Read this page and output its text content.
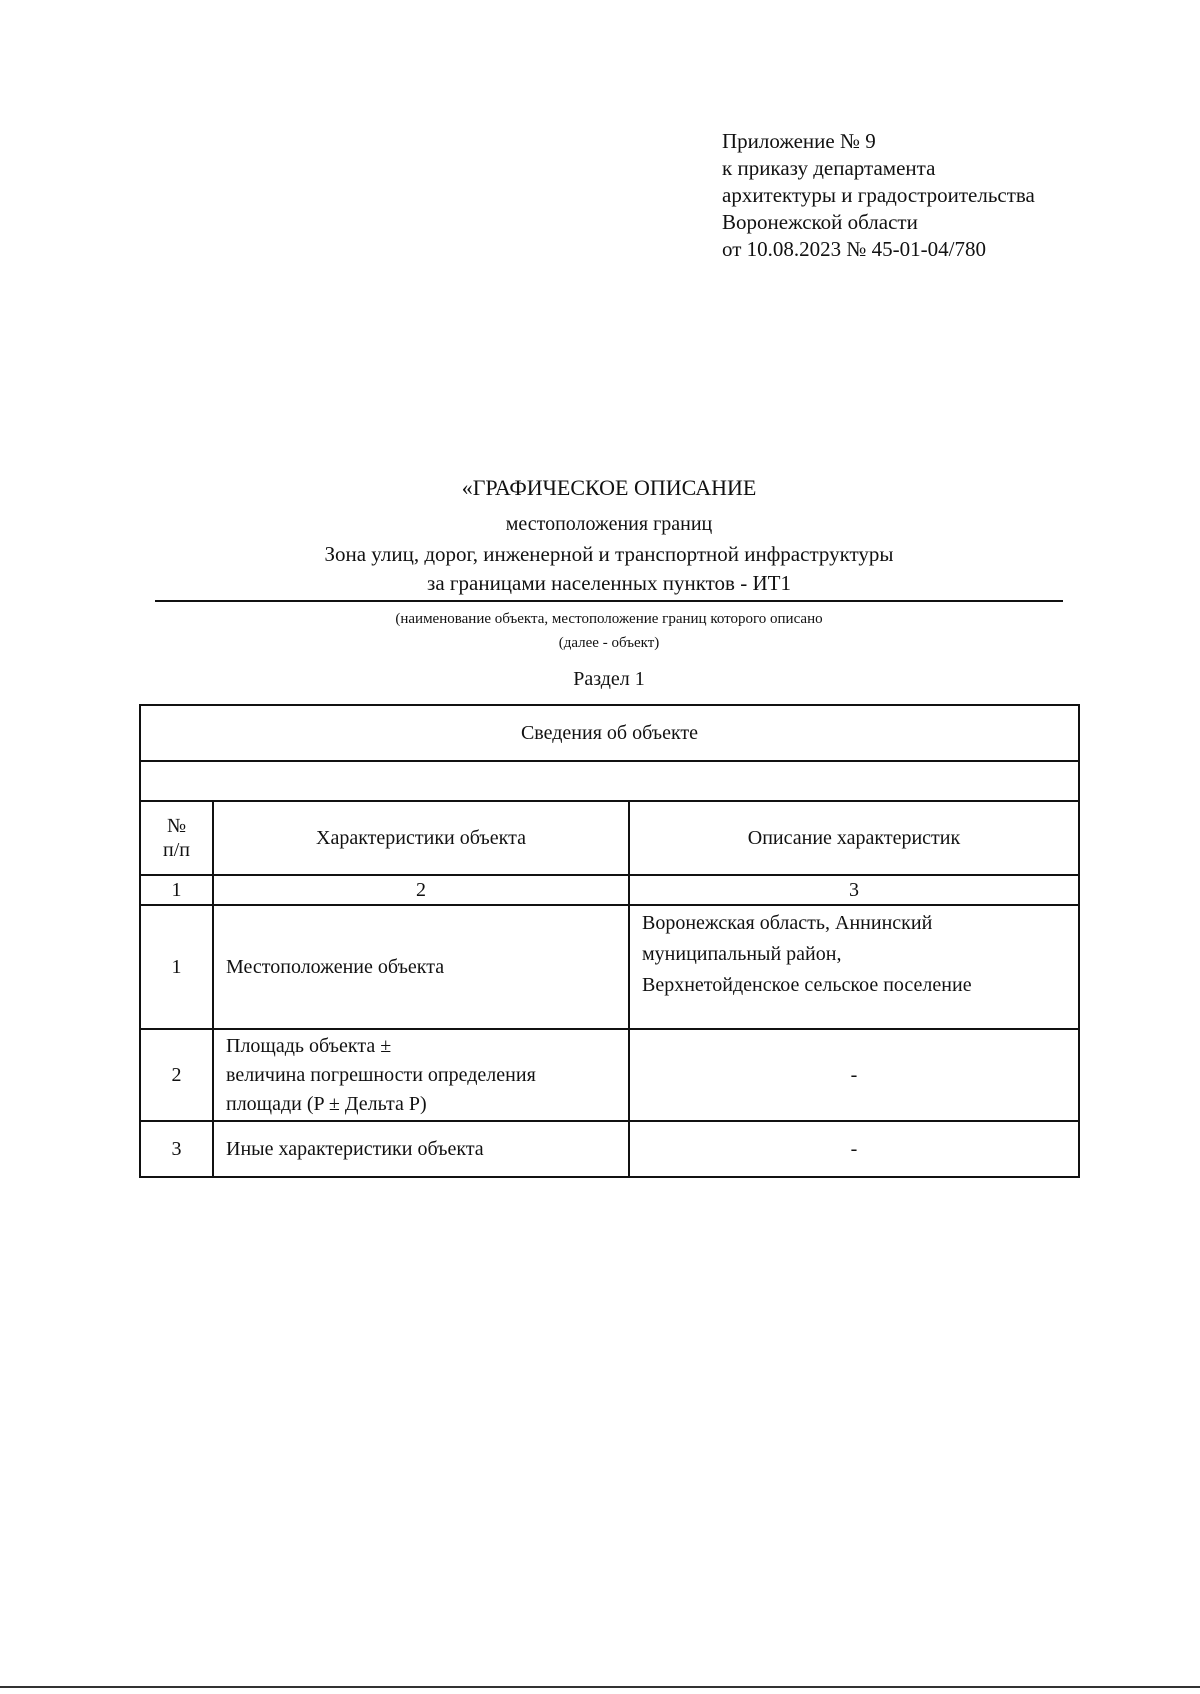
Приложение № 9
к приказу департамента
архитектуры и градостроительства
Воронежской области
от 10.08.2023 № 45-01-04/780
«ГРАФИЧЕСКОЕ ОПИСАНИЕ
местоположения границ
Зона улиц, дорог, инженерной и транспортной инфраструктуры
за границами населенных пунктов - ИТ1
(наименование объекта, местоположение границ которого описано
(далее - объект)
Раздел 1
Сведения об объекте		

№
п/п	Характеристики объекта	Описание характеристик
1	2	3
1	Местоположение объекта	Воронежская область, Аннинский
муниципальный район,
Верхнетойденское сельское поселение

2	Площадь объекта ±
величина погрешности определения
площади (P ± Дельта P)	-
3	Иные характеристики объекта	-
